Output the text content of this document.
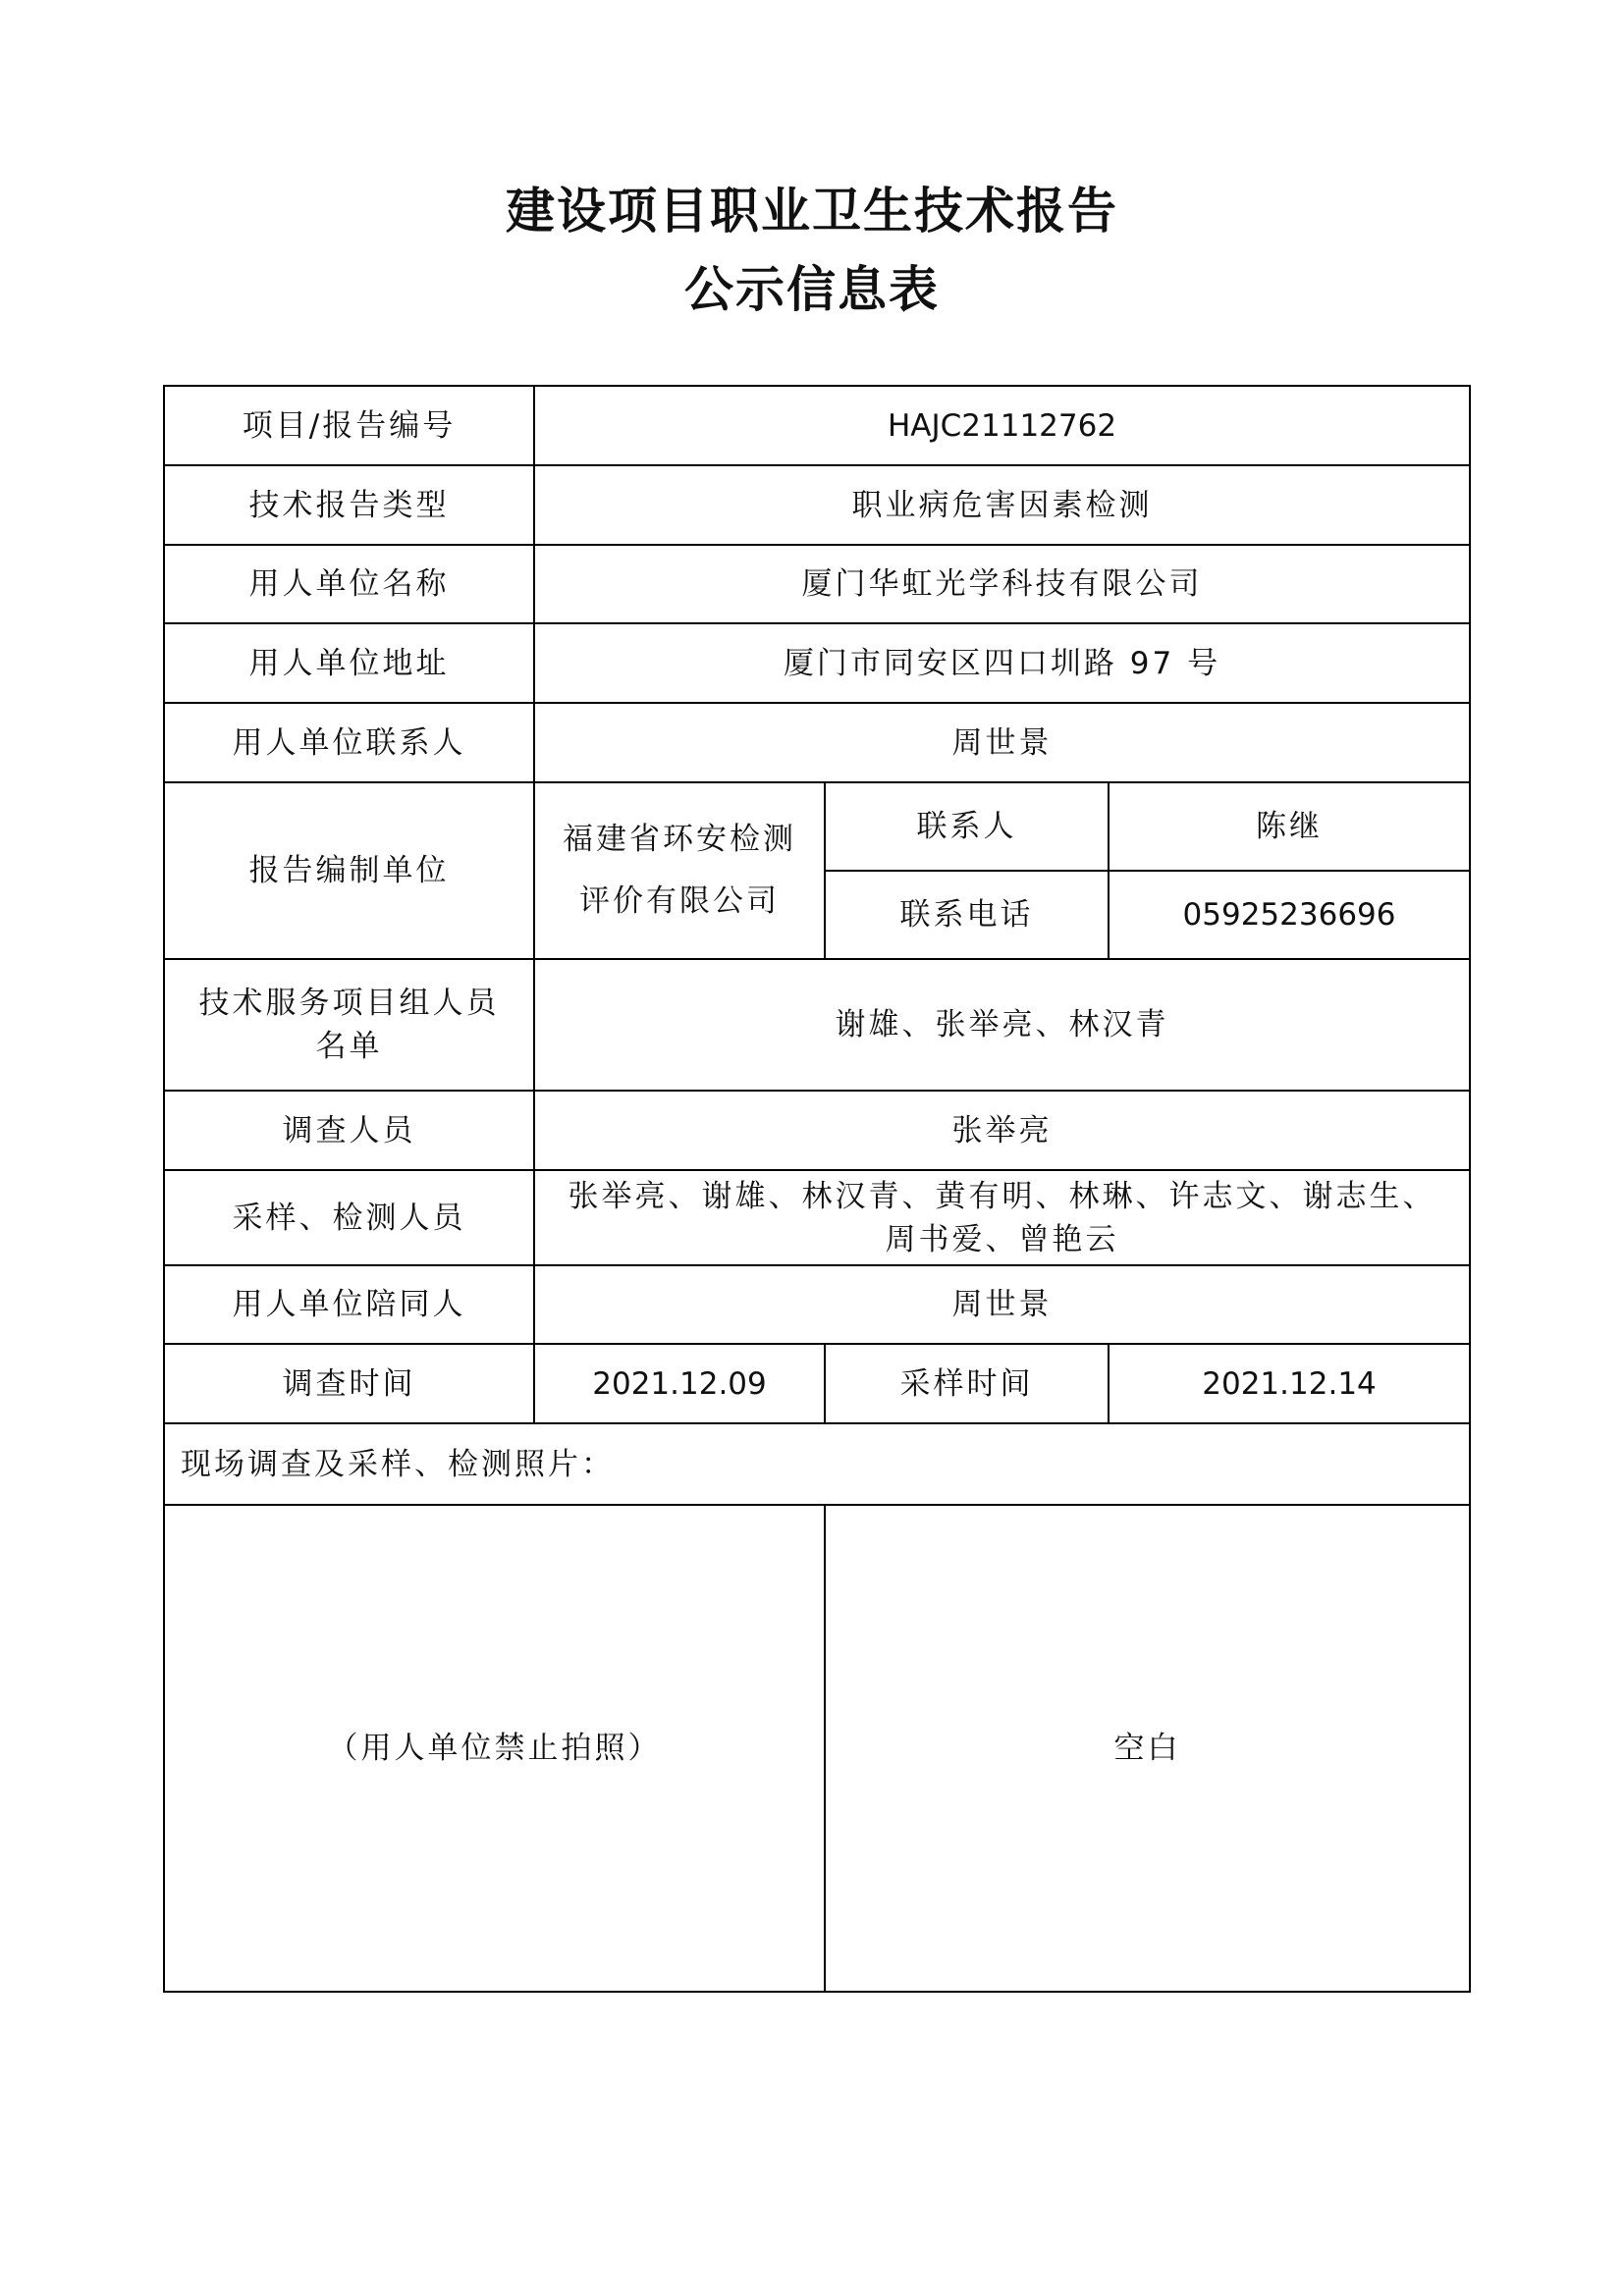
建设项目职业卫生技术报告
公示信息表
项目/报告编号	HAJC21112762		
技术报告类型	职业病危害因素检测		
用人单位名称	厦门华虹光学科技有限公司		
用人单位地址	厦门市同安区四口圳路 97 号		
用人单位联系人	周世景		
报告编制单位	福建省环安检测评价有限公司	联系人	陈继
		联系电话	05925236696
技术服务项目组人员名单	谢雄、张举亮、林汉青		
调查人员	张举亮		
采样、检测人员	张举亮、谢雄、林汉青、黄有明、林琳、许志文、谢志生、周书爱、曾艳云		
用人单位陪同人	周世景		
调查时间	2021.12.09	采样时间	2021.12.14
现场调查及采样、检测照片：			
（用人单位禁止拍照）		空白	
